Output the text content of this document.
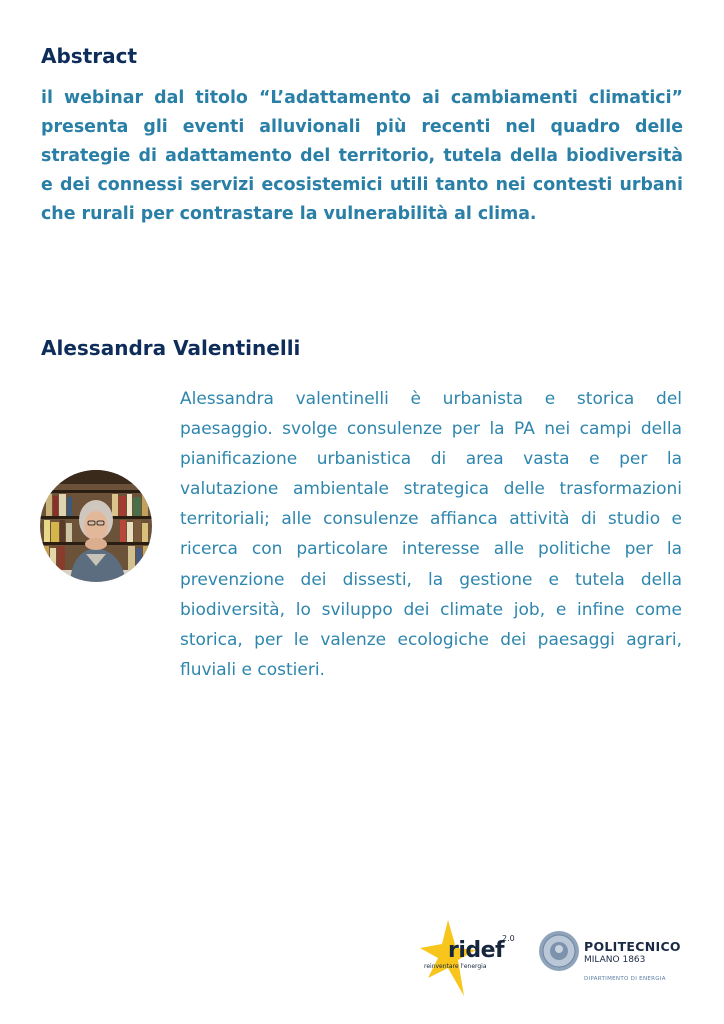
Abstract

il webinar dal titolo “L’adattamento ai cambiamenti climatici” presenta gli eventi alluvionali più recenti nel quadro delle strategie di adattamento del territorio, tutela della biodiversità e dei connessi servizi ecosistemici utili tanto nei contesti urbani che rurali per contrastare la vulnerabilità al clima.

Alessandra Valentinelli

Alessandra valentinelli è urbanista e storica del paesaggio. svolge consulenze per la PA nei campi della pianificazione urbanistica di area vasta e per la valutazione ambientale strategica delle trasformazioni territoriali; alle consulenze affianca attività di studio e ricerca con particolare interesse alle politiche per la prevenzione dei dissesti, la gestione e tutela della biodiversità, lo sviluppo dei climate job, e infine come storica, per le valenze ecologiche dei paesaggi agrari, fluviali e costieri.

ridef
2.0
reinventare l'energia
POLITECNICO
MILANO 1863
DIPARTIMENTO DI ENERGIA
